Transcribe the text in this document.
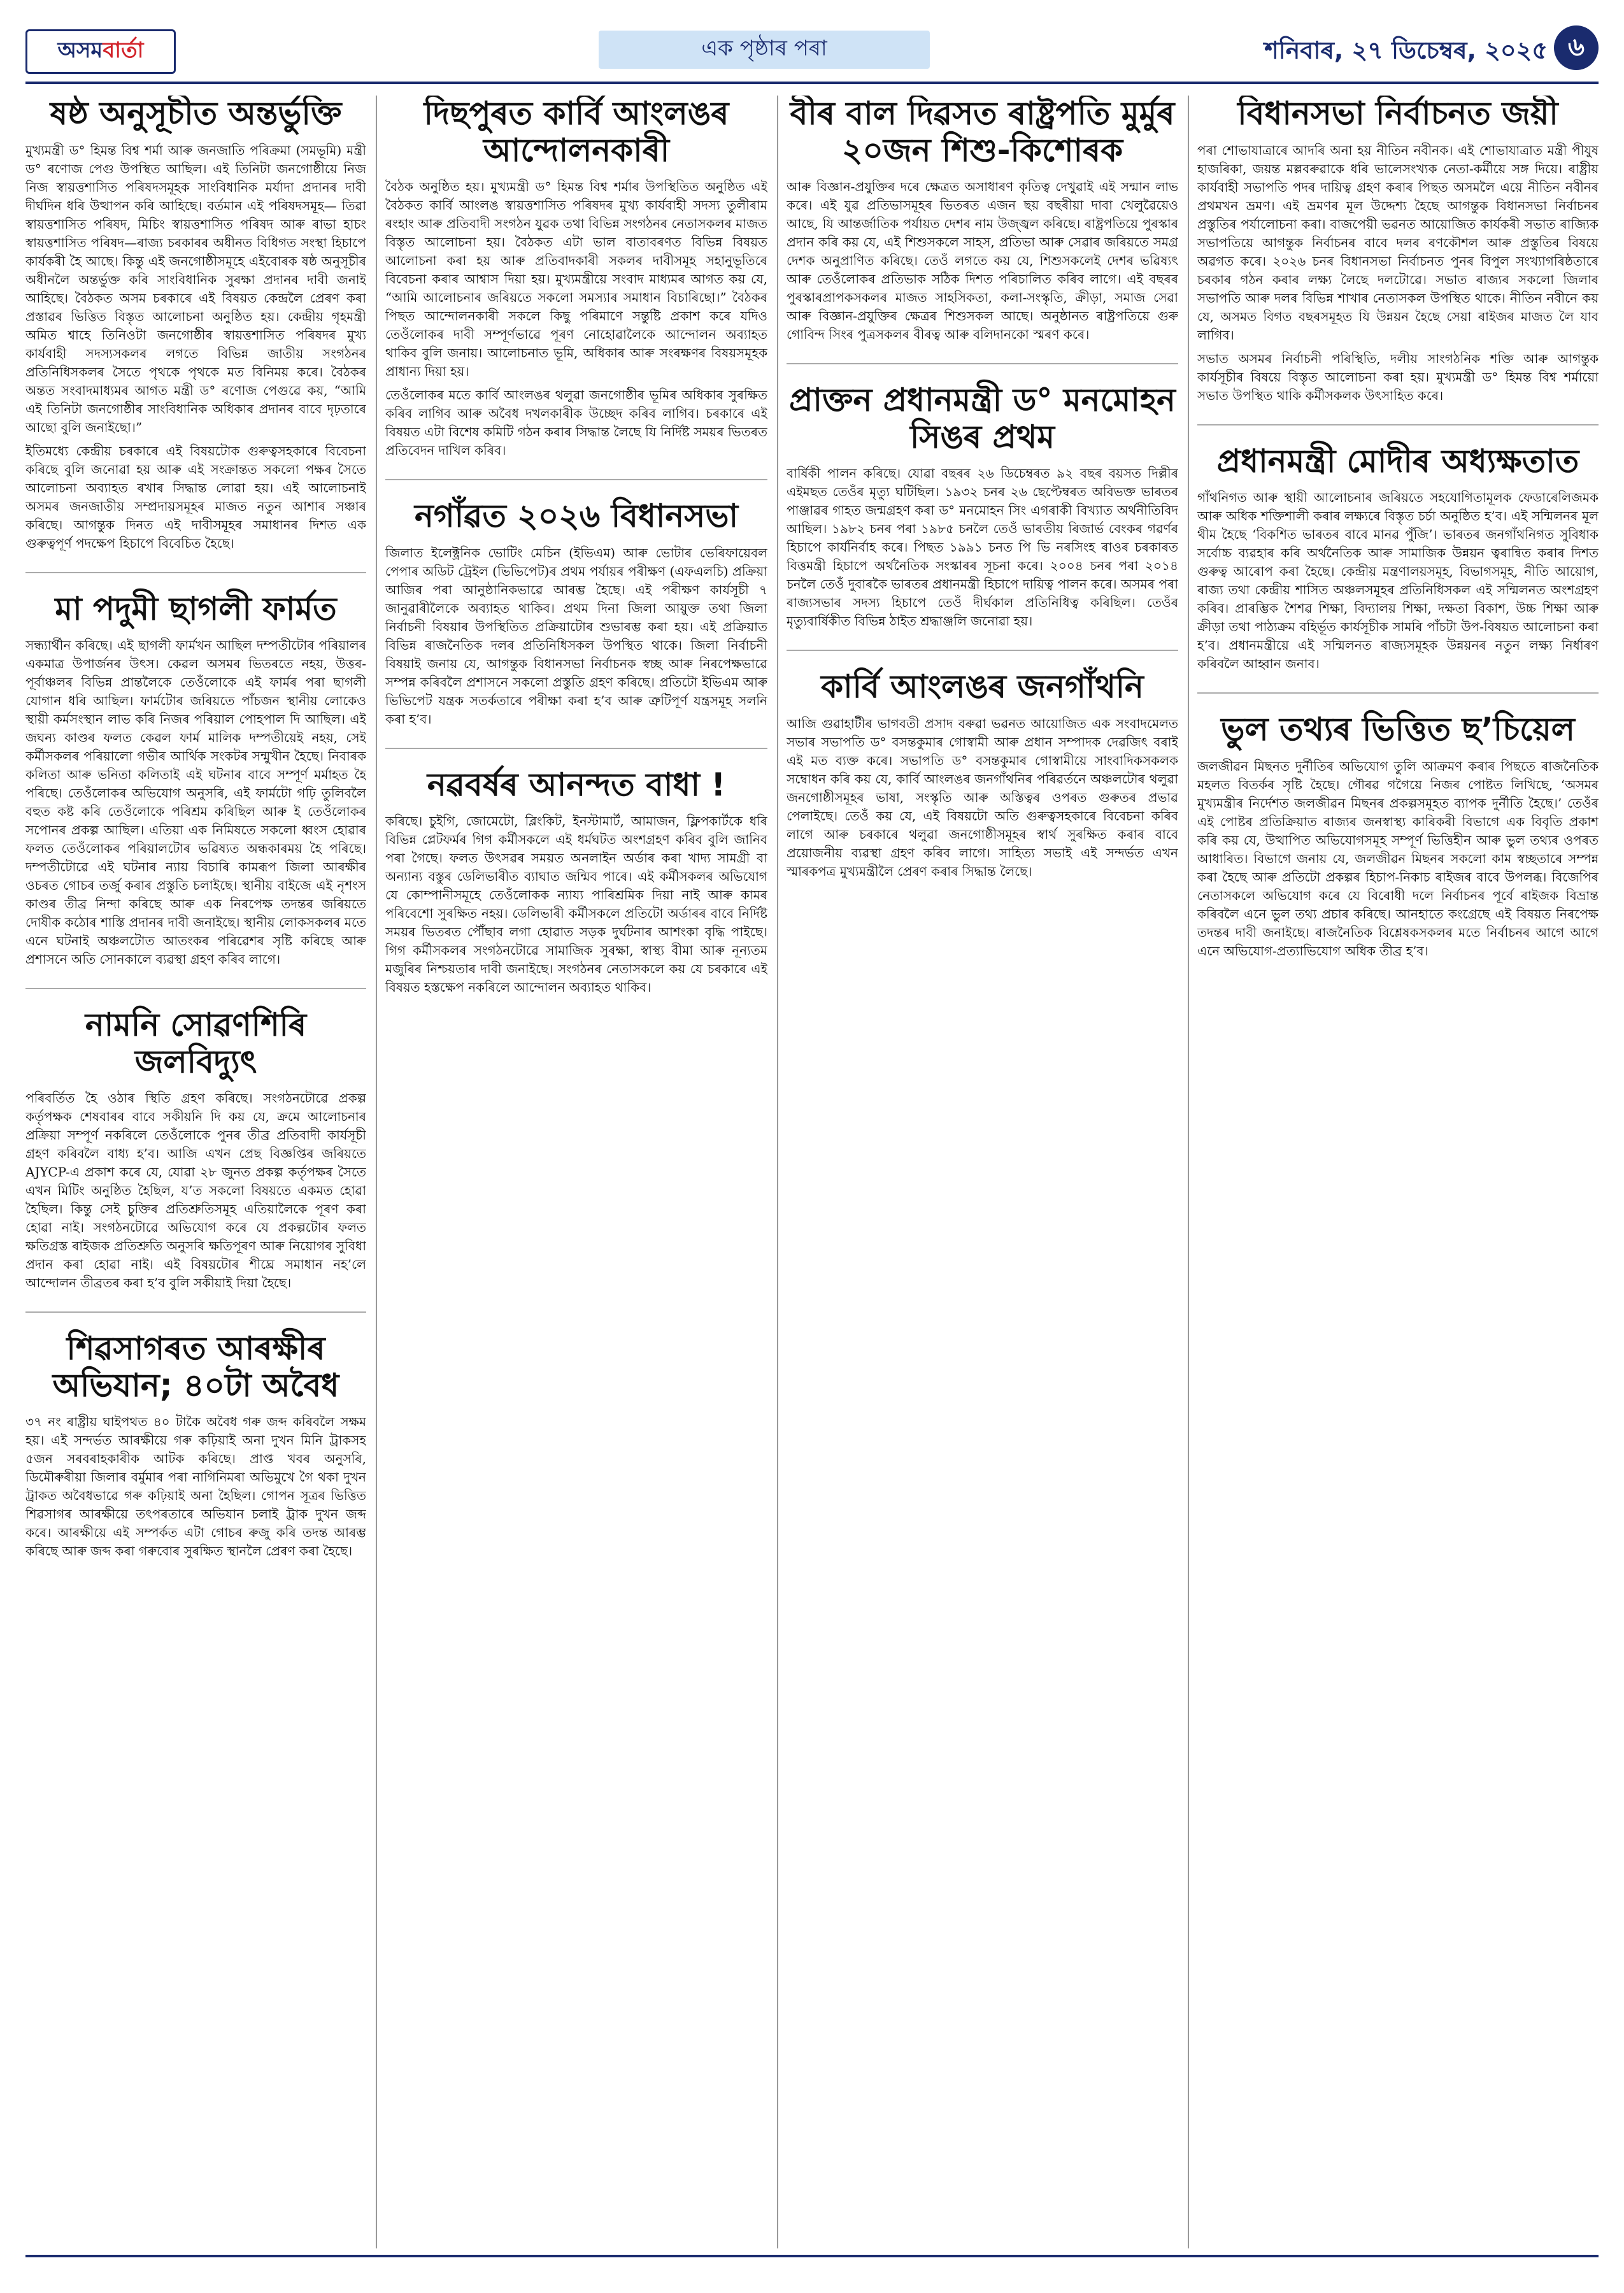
অসম বাৰ্তা	এক পৃষ্ঠাৰ পৰা	শনিবাৰ, ২৭ ডিচেম্বৰ, ২০২৫ ৬
ষষ্ঠ অনুসূচীত অন্তৰ্ভুক্তি

মুখ্যমন্ত্ৰী ড° হিমন্ত বিশ্ব শৰ্মা আৰু জনজাতি পৰিক্ৰমা (সমভূমি) মন্ত্ৰী ড° ৰণোজ পেগু উপস্থিত আছিল। এই তিনিটা জনগোষ্ঠীয়ে নিজ নিজ স্বায়ত্তশাসিত পৰিষদসমূহক সাংবিধানিক মৰ্যাদা প্ৰদানৰ দাবী দীৰ্ঘদিন ধৰি উত্থাপন কৰি আহিছে। বৰ্তমান এই পৰিষদসমূহ— তিৱা স্বায়ত্তশাসিত পৰিষদ, মিচিং স্বায়ত্তশাসিত পৰিষদ আৰু ৰাভা হাচং স্বায়ত্তশাসিত পৰিষদ—ৰাজ্য চৰকাৰৰ অধীনত বিধিগত সংস্থা হিচাপে কাৰ্যকৰী হৈ আছে। কিন্তু এই জনগোষ্ঠীসমূহে এইবোৰক ষষ্ঠ অনুসূচীৰ অধীনলৈ অন্তৰ্ভুক্ত কৰি সাংবিধানিক সুৰক্ষা প্ৰদানৰ দাবী জনাই আহিছে। বৈঠকত অসম চৰকাৰে এই বিষয়ত কেন্দ্ৰলৈ প্ৰেৰণ কৰা প্ৰস্তাৱৰ ভিত্তিত বিস্তৃত আলোচনা অনুষ্ঠিত হয়। কেন্দ্ৰীয় গৃহমন্ত্ৰী অমিত শ্বাহে তিনিওটা জনগোষ্ঠীৰ স্বায়ত্তশাসিত পৰিষদৰ মুখ্য কাৰ্যবাহী সদস্যসকলৰ লগতে বিভিন্ন জাতীয় সংগঠনৰ প্ৰতিনিধিসকলৰ সৈতে পৃথকে পৃথকে মত বিনিময় কৰে। বৈঠকৰ অন্তত সংবাদমাধ্যমৰ আগত মন্ত্ৰী ড° ৰণোজ পেগুৱে কয়, “আমি এই তিনিটা জনগোষ্ঠীৰ সাংবিধানিক অধিকাৰ প্ৰদানৰ বাবে দৃঢ়তাৰে আছো বুলি জনাইছো।”

ইতিমধ্যে কেন্দ্ৰীয় চৰকাৰে এই বিষয়টোক গুৰুত্বসহকাৰে বিবেচনা কৰিছে বুলি জনোৱা হয় আৰু এই সংক্ৰান্তত সকলো পক্ষৰ সৈতে আলোচনা অব্যাহত ৰখাৰ সিদ্ধান্ত লোৱা হয়। এই আলোচনাই অসমৰ জনজাতীয় সম্প্ৰদায়সমূহৰ মাজত নতুন আশাৰ সঞ্চাৰ কৰিছে। আগন্তুক দিনত এই দাবীসমূহৰ সমাধানৰ দিশত এক গুৰুত্বপূৰ্ণ পদক্ষেপ হিচাপে বিবেচিত হৈছে।

মা পদুমী ছাগলী ফাৰ্মত

সন্ধ্যাৰ্থীন কৰিছে। এই ছাগলী ফাৰ্মখন আছিল দম্পতীটোৰ পৰিয়ালৰ একমাত্ৰ উপাৰ্জনৰ উৎস। কেৱল অসমৰ ভিতৰতে নহয়, উত্তৰ-পূৰ্বাঞ্চলৰ বিভিন্ন প্ৰান্তলৈকে তেওঁলোকে এই ফাৰ্মৰ পৰা ছাগলী যোগান ধৰি আছিল। ফাৰ্মটোৰ জৰিয়তে পাঁচজন স্থানীয় লোকেও স্থায়ী কৰ্মসংস্থান লাভ কৰি নিজৰ পৰিয়াল পোহপাল দি আছিল। এই জঘন্য কাণ্ডৰ ফলত কেৱল ফাৰ্ম মালিক দম্পতীয়েই নহয়, সেই কৰ্মীসকলৰ পৰিয়ালো গভীৰ আৰ্থিক সংকটৰ সন্মুখীন হৈছে। নিবাৰক কলিতা আৰু ভনিতা কলিতাই এই ঘটনাৰ বাবে সম্পূৰ্ণ মৰ্মাহত হৈ পৰিছে। তেওঁলোকৰ অভিযোগ অনুসৰি, এই ফাৰ্মটো গঢ়ি তুলিবলৈ বহুত কষ্ট কৰি তেওঁলোকে পৰিশ্ৰম কৰিছিল আৰু ই তেওঁলোকৰ সপোনৰ প্ৰকল্প আছিল। এতিয়া এক নিমিষতে সকলো ধ্বংস হোৱাৰ ফলত তেওঁলোকৰ পৰিয়ালটোৰ ভৱিষ্যত অন্ধকাৰময় হৈ পৰিছে। দম্পতীটোৱে এই ঘটনাৰ ন্যায় বিচাৰি কামৰূপ জিলা আৰক্ষীৰ ওচৰত গোচৰ তৰ্জু কৰাৰ প্ৰস্তুতি চলাইছে। স্থানীয় বাইজে এই নৃশংস কাণ্ডৰ তীব্ৰ নিন্দা কৰিছে আৰু এক নিৰপেক্ষ তদন্তৰ জৰিয়তে দোষীক কঠোৰ শাস্তি প্ৰদানৰ দাবী জনাইছে। স্থানীয় লোকসকলৰ মতে এনে ঘটনাই অঞ্চলটোত আতংকৰ পৰিৱেশৰ সৃষ্টি কৰিছে আৰু প্ৰশাসনে অতি সোনকালে ব্যৱস্থা গ্ৰহণ কৰিব লাগে।

নামনি সোৱণশিৰি জলবিদ্যুৎ

পৰিবৰ্তিত হৈ ওঠাৰ স্থিতি গ্ৰহণ কৰিছে। সংগঠনটোৱে প্ৰকল্প কৰ্তৃপক্ষক শেষবাৰৰ বাবে সকীয়নি দি কয় যে, ক্ৰমে আলোচনাৰ প্ৰক্ৰিয়া সম্পূৰ্ণ নকৰিলে তেওঁলোকে পুনৰ তীব্ৰ প্ৰতিবাদী কাৰ্যসূচী গ্ৰহণ কৰিবলৈ বাধ্য হ’ব। আজি এখন প্ৰেছ বিজ্ঞপ্তিৰ জৰিয়তে AJYCP-এ প্ৰকাশ কৰে যে, যোৱা ২৮ জুনত প্ৰকল্প কৰ্তৃপক্ষৰ সৈতে এখন মিটিং অনুষ্ঠিত হৈছিল, য’ত সকলো বিষয়তে একমত হোৱা হৈছিল। কিন্তু সেই চুক্তিৰ প্ৰতিশ্ৰুতিসমূহ এতিয়ালৈকে পূৰণ কৰা হোৱা নাই। সংগঠনটোৱে অভিযোগ কৰে যে প্ৰকল্পটোৰ ফলত ক্ষতিগ্ৰস্ত ৰাইজক প্ৰতিশ্ৰুতি অনুসৰি ক্ষতিপূৰণ আৰু নিয়োগৰ সুবিধা প্ৰদান কৰা হোৱা নাই। এই বিষয়টোৰ শীঘ্ৰে সমাধান নহ’লে আন্দোলন তীব্ৰতৰ কৰা হ’ব বুলি সকীয়াই দিয়া হৈছে।

শিৱসাগৰত আৰক্ষীৰ অভিযান; ৪০টা অবৈধ

৩৭ নং ৰাষ্ট্ৰীয় ঘাইপথত ৪০ টাকৈ অবৈধ গৰু জব্দ কৰিবলৈ সক্ষম হয়। এই সন্দৰ্ভত আৰক্ষীয়ে গৰু কঢ়িয়াই অনা দুখন মিনি ট্ৰাকসহ ৫জন সৰবৰাহকাৰীক আটক কৰিছে। প্ৰাপ্ত খবৰ অনুসৰি, ডিমৌৰুৰীয়া জিলাৰ বৰ্মুমাৰ পৰা নাগিনিমৰা অভিমুখে গৈ থকা দুখন ট্ৰাকত অবৈধভাৱে গৰু কঢ়িয়াই অনা হৈছিল। গোপন সূত্ৰৰ ভিত্তিত শিৱসাগৰ আৰক্ষীয়ে তৎপৰতাৰে অভিযান চলাই ট্ৰাক দুখন জব্দ কৰে। আৰক্ষীয়ে এই সম্পৰ্কত এটা গোচৰ ৰুজু কৰি তদন্ত আৰম্ভ কৰিছে আৰু জব্দ কৰা গৰুবোৰ সুৰক্ষিত স্থানলৈ প্ৰেৰণ কৰা হৈছে।

দিছপুৰত কাৰ্বি আংলঙৰ আন্দোলনকাৰী

বৈঠক অনুষ্ঠিত হয়। মুখ্যমন্ত্ৰী ড° হিমন্ত বিশ্ব শৰ্মাৰ উপস্থিতিত অনুষ্ঠিত এই বৈঠকত কাৰ্বি আংলঙ স্বায়ত্তশাসিত পৰিষদৰ মুখ্য কাৰ্যবাহী সদস্য তুলীৰাম ৰংহাং আৰু প্ৰতিবাদী সংগঠন যুৱক তথা বিভিন্ন সংগঠনৰ নেতাসকলৰ মাজত বিস্তৃত আলোচনা হয়। বৈঠকত এটা ভাল বাতাবৰণত বিভিন্ন বিষয়ত আলোচনা কৰা হয় আৰু প্ৰতিবাদকাৰী সকলৰ দাবীসমূহ সহানুভূতিৰে বিবেচনা কৰাৰ আশ্বাস দিয়া হয়। মুখ্যমন্ত্ৰীয়ে সংবাদ মাধ্যমৰ আগত কয় যে, “আমি আলোচনাৰ জৰিয়তে সকলো সমস্যাৰ সমাধান বিচাৰিছো।” বৈঠকৰ পিছত আন্দোলনকাৰী সকলে কিছু পৰিমাণে সন্তুষ্টি প্ৰকাশ কৰে যদিও তেওঁলোকৰ দাবী সম্পূৰ্ণভাৱে পূৰণ নোহোৱালৈকে আন্দোলন অব্যাহত থাকিব বুলি জনায়। আলোচনাত ভূমি, অধিকাৰ আৰু সংৰক্ষণৰ বিষয়সমূহক প্ৰাধান্য দিয়া হয়।

তেওঁলোকৰ মতে কাৰ্বি আংলঙৰ থলুৱা জনগোষ্ঠীৰ ভূমিৰ অধিকাৰ সুৰক্ষিত কৰিব লাগিব আৰু অবৈধ দখলকাৰীক উচ্ছেদ কৰিব লাগিব। চৰকাৰে এই বিষয়ত এটা বিশেষ কমিটি গঠন কৰাৰ সিদ্ধান্ত লৈছে যি নিৰ্দিষ্ট সময়ৰ ভিতৰত প্ৰতিবেদন দাখিল কৰিব।

নগাঁৱত ২০২৬ বিধানসভা

জিলাত ইলেক্ট্ৰনিক ভোটিং মেচিন (ইভিএম) আৰু ভোটাৰ ভেৰিফায়েবল পেপাৰ অডিট ট্ৰেইল (ভিভিপেট)ৰ প্ৰথম পৰ্যায়ৰ পৰীক্ষণ (এফএলচি) প্ৰক্ৰিয়া আজিৰ পৰা আনুষ্ঠানিকভাৱে আৰম্ভ হৈছে। এই পৰীক্ষণ কাৰ্যসূচী ৭ জানুৱাৰীলৈকে অব্যাহত থাকিব। প্ৰথম দিনা জিলা আয়ুক্ত তথা জিলা নিৰ্বাচনী বিষয়াৰ উপস্থিতিত প্ৰক্ৰিয়াটোৰ শুভাৰম্ভ কৰা হয়। এই প্ৰক্ৰিয়াত বিভিন্ন ৰাজনৈতিক দলৰ প্ৰতিনিধিসকল উপস্থিত থাকে। জিলা নিৰ্বাচনী বিষয়াই জনায় যে, আগন্তুক বিধানসভা নিৰ্বাচনক স্বচ্ছ আৰু নিৰপেক্ষভাৱে সম্পন্ন কৰিবলৈ প্ৰশাসনে সকলো প্ৰস্তুতি গ্ৰহণ কৰিছে। প্ৰতিটো ইভিএম আৰু ভিভিপেট যন্ত্ৰক সতৰ্কতাৰে পৰীক্ষা কৰা হ’ব আৰু ত্ৰুটিপূৰ্ণ যন্ত্ৰসমূহ সলনি কৰা হ’ব।

নৱবৰ্ষৰ আনন্দত বাধা !

কৰিছে। চুইগি, জোমেটো, ব্লিংকিট, ইনস্টামাৰ্ট, আমাজন, ফ্লিপকাৰ্টকে ধৰি বিভিন্ন প্লেটফৰ্মৰ গিগ কৰ্মীসকলে এই ধৰ্মঘটত অংশগ্ৰহণ কৰিব বুলি জানিব পৰা গৈছে। ফলত উৎসৱৰ সময়ত অনলাইন অৰ্ডাৰ কৰা খাদ্য সামগ্ৰী বা অন্যান্য বস্তুৰ ডেলিভাৰীত ব্যাঘাত জন্মিব পাৰে। এই কৰ্মীসকলৰ অভিযোগ যে কোম্পানীসমূহে তেওঁলোকক ন্যায্য পাৰিশ্ৰমিক দিয়া নাই আৰু কামৰ পৰিবেশো সুৰক্ষিত নহয়। ডেলিভাৰী কৰ্মীসকলে প্ৰতিটো অৰ্ডাৰৰ বাবে নিৰ্দিষ্ট সময়ৰ ভিতৰত পৌঁছাব লগা হোৱাত সড়ক দুৰ্ঘটনাৰ আশংকা বৃদ্ধি পাইছে। গিগ কৰ্মীসকলৰ সংগঠনটোৱে সামাজিক সুৰক্ষা, স্বাস্থ্য বীমা আৰু নূন্যতম মজুৰিৰ নিশ্চয়তাৰ দাবী জনাইছে। সংগঠনৰ নেতাসকলে কয় যে চৰকাৰে এই বিষয়ত হস্তক্ষেপ নকৰিলে আন্দোলন অব্যাহত থাকিব।

বীৰ বাল দিৱসত ৰাষ্ট্ৰপতি মুৰ্মুৰ ২০জন শিশু-কিশোৰক

আৰু বিজ্ঞান-প্ৰযুক্তিৰ দৰে ক্ষেত্ৰত অসাধাৰণ কৃতিত্ব দেখুৱাই এই সন্মান লাভ কৰে। এই যুৱ প্ৰতিভাসমূহৰ ভিতৰত এজন ছয় বছৰীয়া দাবা খেলুৱৈয়েও আছে, যি আন্তৰ্জাতিক পৰ্যায়ত দেশৰ নাম উজ্জ্বল কৰিছে। ৰাষ্ট্ৰপতিয়ে পুৰস্কাৰ প্ৰদান কৰি কয় যে, এই শিশুসকলে সাহস, প্ৰতিভা আৰু সেৱাৰ জৰিয়তে সমগ্ৰ দেশক অনুপ্ৰাণিত কৰিছে। তেওঁ লগতে কয় যে, শিশুসকলেই দেশৰ ভৱিষ্যৎ আৰু তেওঁলোকৰ প্ৰতিভাক সঠিক দিশত পৰিচালিত কৰিব লাগে। এই বছৰৰ পুৰস্কাৰপ্ৰাপকসকলৰ মাজত সাহসিকতা, কলা-সংস্কৃতি, ক্ৰীড়া, সমাজ সেৱা আৰু বিজ্ঞান-প্ৰযুক্তিৰ ক্ষেত্ৰৰ শিশুসকল আছে। অনুষ্ঠানত ৰাষ্ট্ৰপতিয়ে গুৰু গোবিন্দ সিংৰ পুত্ৰসকলৰ বীৰত্ব আৰু বলিদানকো স্মৰণ কৰে।

প্ৰাক্তন প্ৰধানমন্ত্ৰী ড° মনমোহন সিঙৰ প্ৰথম

বাৰ্ষিকী পালন কৰিছে। যোৱা বছৰৰ ২৬ ডিচেম্বৰত ৯২ বছৰ বয়সত দিল্লীৰ এইমছত তেওঁৰ মৃত্যু ঘটিছিল। ১৯৩২ চনৰ ২৬ ছেপ্টেম্বৰত অবিভক্ত ভাৰতৰ পাঞ্জাৱৰ গাহত জন্মগ্ৰহণ কৰা ড° মনমোহন সিং এগৰাকী বিখ্যাত অৰ্থনীতিবিদ আছিল। ১৯৮২ চনৰ পৰা ১৯৮৫ চনলৈ তেওঁ ভাৰতীয় ৰিজাৰ্ভ বেংকৰ গৱৰ্ণৰ হিচাপে কাৰ্যনিৰ্বাহ কৰে। পিছত ১৯৯১ চনত পি ভি নৰসিংহ ৰাওৰ চৰকাৰত বিত্তমন্ত্ৰী হিচাপে অৰ্থনৈতিক সংস্কাৰৰ সূচনা কৰে। ২০০৪ চনৰ পৰা ২০১৪ চনলৈ তেওঁ দুবাৰকৈ ভাৰতৰ প্ৰধানমন্ত্ৰী হিচাপে দায়িত্ব পালন কৰে। অসমৰ পৰা ৰাজ্যসভাৰ সদস্য হিচাপে তেওঁ দীৰ্ঘকাল প্ৰতিনিধিত্ব কৰিছিল। তেওঁৰ মৃত্যুবাৰ্ষিকীত বিভিন্ন ঠাইত শ্ৰদ্ধাঞ্জলি জনোৱা হয়।

কাৰ্বি আংলঙৰ জনগাঁথনি

আজি গুৱাহাটীৰ ভাগবতী প্ৰসাদ বৰুৱা ভৱনত আয়োজিত এক সংবাদমেলত সভাৰ সভাপতি ড° বসন্তকুমাৰ গোস্বামী আৰু প্ৰধান সম্পাদক দেৱজিৎ বৰাই এই মত ব্যক্ত কৰে। সভাপতি ড° বসন্তকুমাৰ গোস্বামীয়ে সাংবাদিকসকলক সম্বোধন কৰি কয় যে, কাৰ্বি আংলঙৰ জনগাঁথনিৰ পৰিৱৰ্তনে অঞ্চলটোৰ থলুৱা জনগোষ্ঠীসমূহৰ ভাষা, সংস্কৃতি আৰু অস্তিত্বৰ ওপৰত গুৰুতৰ প্ৰভাৱ পেলাইছে। তেওঁ কয় যে, এই বিষয়টো অতি গুৰুত্বসহকাৰে বিবেচনা কৰিব লাগে আৰু চৰকাৰে থলুৱা জনগোষ্ঠীসমূহৰ স্বাৰ্থ সুৰক্ষিত কৰাৰ বাবে প্ৰয়োজনীয় ব্যৱস্থা গ্ৰহণ কৰিব লাগে। সাহিত্য সভাই এই সন্দৰ্ভত এখন স্মাৰকপত্ৰ মুখ্যমন্ত্ৰীলৈ প্ৰেৰণ কৰাৰ সিদ্ধান্ত লৈছে।

বিধানসভা নিৰ্বাচনত জয়ী

পৰা শোভাযাত্ৰাৰে আদৰি অনা হয় নীতিন নবীনক। এই শোভাযাত্ৰাত মন্ত্ৰী পীযুষ হাজৰিকা, জয়ন্ত মল্লবৰুৱাকে ধৰি ভালেসংখ্যক নেতা-কৰ্মীয়ে সঙ্গ দিয়ে। ৰাষ্ট্ৰীয় কাৰ্যবাহী সভাপতি পদৰ দায়িত্ব গ্ৰহণ কৰাৰ পিছত অসমলৈ এয়ে নীতিন নবীনৰ প্ৰথমখন ভ্ৰমণ। এই ভ্ৰমণৰ মূল উদ্দেশ্য হৈছে আগন্তুক বিধানসভা নিৰ্বাচনৰ প্ৰস্তুতিৰ পৰ্যালোচনা কৰা। বাজপেয়ী ভৱনত আয়োজিত কাৰ্যকৰী সভাত ৰাজ্যিক সভাপতিয়ে আগন্তুক নিৰ্বাচনৰ বাবে দলৰ ৰণকৌশল আৰু প্ৰস্তুতিৰ বিষয়ে অৱগত কৰে। ২০২৬ চনৰ বিধানসভা নিৰ্বাচনত পুনৰ বিপুল সংখ্যাগৰিষ্ঠতাৰে চৰকাৰ গঠন কৰাৰ লক্ষ্য লৈছে দলটোৱে। সভাত ৰাজ্যৰ সকলো জিলাৰ সভাপতি আৰু দলৰ বিভিন্ন শাখাৰ নেতাসকল উপস্থিত থাকে। নীতিন নবীনে কয় যে, অসমত বিগত বছৰসমূহত যি উন্নয়ন হৈছে সেয়া ৰাইজৰ মাজত লৈ যাব লাগিব।

সভাত অসমৰ নিৰ্বাচনী পৰিস্থিতি, দলীয় সাংগঠনিক শক্তি আৰু আগন্তুক কাৰ্যসূচীৰ বিষয়ে বিস্তৃত আলোচনা কৰা হয়। মুখ্যমন্ত্ৰী ড° হিমন্ত বিশ্ব শৰ্মায়ো সভাত উপস্থিত থাকি কৰ্মীসকলক উৎসাহিত কৰে।

প্ৰধানমন্ত্ৰী মোদীৰ অধ্যক্ষতাত

গাঁথনিগত আৰু স্থায়ী আলোচনাৰ জৰিয়তে সহযোগিতামূলক ফেডাৰেলিজমক আৰু অধিক শক্তিশালী কৰাৰ লক্ষ্যৰে বিস্তৃত চৰ্চা অনুষ্ঠিত হ’ব। এই সন্মিলনৰ মূল থীম হৈছে ‘বিকশিত ভাৰতৰ বাবে মানৱ পুঁজি’। ভাৰতৰ জনগাঁথনিগত সুবিধাক সৰ্বোচ্চ ব্যৱহাৰ কৰি অৰ্থনৈতিক আৰু সামাজিক উন্নয়ন ত্বৰান্বিত কৰাৰ দিশত গুৰুত্ব আৰোপ কৰা হৈছে। কেন্দ্ৰীয় মন্ত্ৰণালয়সমূহ, বিভাগসমূহ, নীতি আয়োগ, ৰাজ্য তথা কেন্দ্ৰীয় শাসিত অঞ্চলসমূহৰ প্ৰতিনিধিসকল এই সন্মিলনত অংশগ্ৰহণ কৰিব। প্ৰাৰম্ভিক শৈশৱ শিক্ষা, বিদ্যালয় শিক্ষা, দক্ষতা বিকাশ, উচ্চ শিক্ষা আৰু ক্ৰীড়া তথা পাঠ্যক্ৰম বহিৰ্ভূত কাৰ্যসূচীক সামৰি পাঁচটা উপ-বিষয়ত আলোচনা কৰা হ’ব। প্ৰধানমন্ত্ৰীয়ে এই সন্মিলনত ৰাজ্যসমূহক উন্নয়নৰ নতুন লক্ষ্য নিৰ্ধাৰণ কৰিবলৈ আহ্বান জনাব।

ভুল তথ্যৰ ভিত্তিত ছ’চিয়েল

জলজীৱন মিছনত দুৰ্নীতিৰ অভিযোগ তুলি আক্ৰমণ কৰাৰ পিছতে ৰাজনৈতিক মহলত বিতৰ্কৰ সৃষ্টি হৈছে। গৌৰৱ গগৈয়ে নিজৰ পোষ্টত লিখিছে, ‘অসমৰ মুখ্যমন্ত্ৰীৰ নিৰ্দেশত জলজীৱন মিছনৰ প্ৰকল্পসমূহত ব্যাপক দুৰ্নীতি হৈছে।’ তেওঁৰ এই পোষ্টৰ প্ৰতিক্ৰিয়াত ৰাজ্যৰ জনস্বাস্থ্য কাৰিকৰী বিভাগে এক বিবৃতি প্ৰকাশ কৰি কয় যে, উত্থাপিত অভিযোগসমূহ সম্পূৰ্ণ ভিত্তিহীন আৰু ভুল তথ্যৰ ওপৰত আধাৰিত। বিভাগে জনায় যে, জলজীৱন মিছনৰ সকলো কাম স্বচ্ছতাৰে সম্পন্ন কৰা হৈছে আৰু প্ৰতিটো প্ৰকল্পৰ হিচাপ-নিকাচ ৰাইজৰ বাবে উপলব্ধ। বিজেপিৰ নেতাসকলে অভিযোগ কৰে যে বিৰোধী দলে নিৰ্বাচনৰ পূৰ্বে ৰাইজক বিভ্ৰান্ত কৰিবলৈ এনে ভুল তথ্য প্ৰচাৰ কৰিছে। আনহাতে কংগ্ৰেছে এই বিষয়ত নিৰপেক্ষ তদন্তৰ দাবী জনাইছে। ৰাজনৈতিক বিশ্লেষকসকলৰ মতে নিৰ্বাচনৰ আগে আগে এনে অভিযোগ-প্ৰত্যাভিযোগ অধিক তীব্ৰ হ’ব।
